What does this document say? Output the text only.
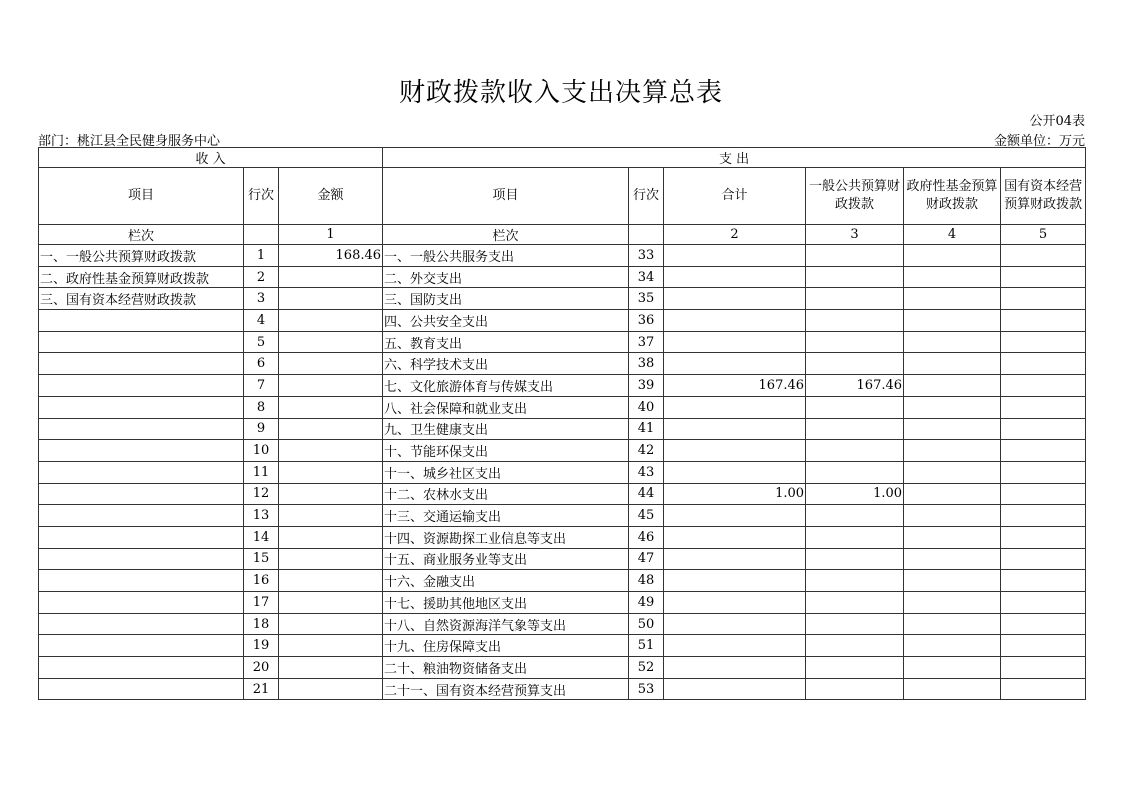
财政拨款收入支出决算总表
公开04表
部门：桃江县全民健身服务中心	金额单位：万元
收 入			支 出					
项目	行次	金额	项目	行次	合计	一般公共预算财政拨款	政府性基金预算财政拨款	国有资本经营预算财政拨款
栏次		1	栏次		2	3	4	5
一、一般公共预算财政拨款	1	168.46	一、一般公共服务支出	33				
二、政府性基金预算财政拨款	2		二、外交支出	34				
三、国有资本经营财政拨款	3		三、国防支出	35				
	4		四、公共安全支出	36				
	5		五、教育支出	37				
	6		六、科学技术支出	38				
	7		七、文化旅游体育与传媒支出	39	167.46	167.46		
	8		八、社会保障和就业支出	40				
	9		九、卫生健康支出	41				
	10		十、节能环保支出	42				
	11		十一、城乡社区支出	43				
	12		十二、农林水支出	44	1.00	1.00		
	13		十三、交通运输支出	45				
	14		十四、资源勘探工业信息等支出	46				
	15		十五、商业服务业等支出	47				
	16		十六、金融支出	48				
	17		十七、援助其他地区支出	49				
	18		十八、自然资源海洋气象等支出	50				
	19		十九、住房保障支出	51				
	20		二十、粮油物资储备支出	52				
	21		二十一、国有资本经营预算支出	53				
